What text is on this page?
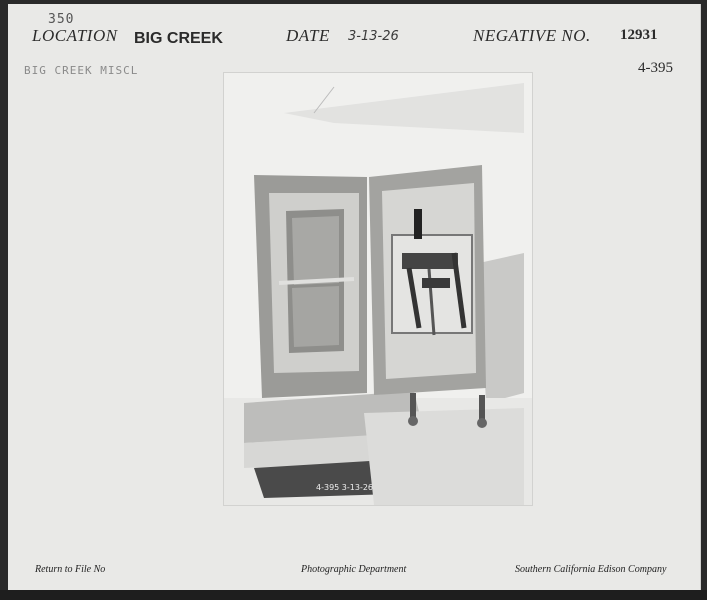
350
LOCATION BIG CREEK	DATE 3-13-26	NEGATIVE NO. 12931
BIG CREEK MISCL	4-395
4-395 3-13-26
Return to File No	Photographic Department	Southern California Edison Company
